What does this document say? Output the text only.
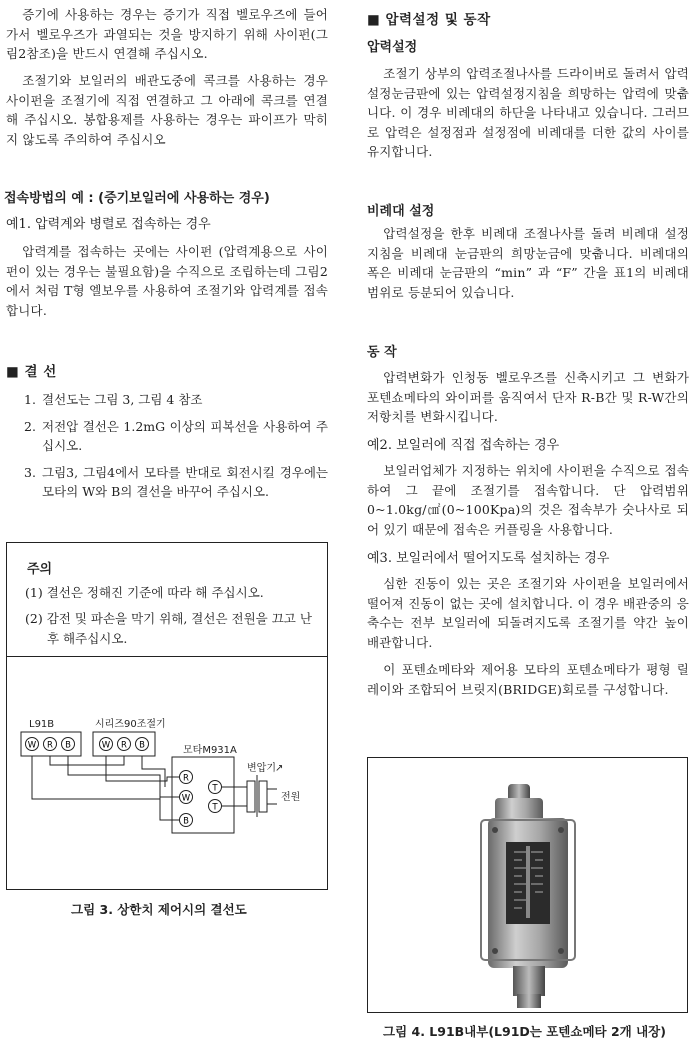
증기에 사용하는 경우는 증기가 직접 벨로우즈에 들어가서 벨로우즈가 과열되는 것을 방지하기 위해 사이펀(그림2참조)을 반드시 연결해 주십시오.

조절기와 보일러의 배관도중에 콕크를 사용하는 경우 사이펀을 조절기에 직접 연결하고 그 아래에 콕크를 연결해 주십시오. 봉합용제를 사용하는 경우는 파이프가 막히지 않도록 주의하여 주십시오

접속방법의 예 : (증기보일러에 사용하는 경우)
예1. 압력계와 병렬로 접속하는 경우

압력계를 접속하는 곳에는 사이펀 (압력계용으로 사이펀이 있는 경우는 불필요함)을 수직으로 조립하는데 그림2에서 처럼 T형 엘보우를 사용하여 조절기와 압력계를 접속합니다.

■ 결 선
1. 결선도는 그림 3, 그림 4 참조
2. 저전압 결선은 1.2mG 이상의 피복선을 사용하여 주십시오.
3. 그림3, 그림4에서 모타를 반대로 회전시킬 경우에는 모타의 W와 B의 결선을 바꾸어 주십시오.
주의
(1) 결선은 정해진 기준에 따라 해 주십시오.
(2) 감전 및 파손을 막기 위해, 결선은 전원을 끄고 난후 해주십시오.
L91B
W R B
시리즈90조절기
W R B	모타M931A
R
W
B
T
T
변압기 ↗
전원
그림 3. 상한치 제어시의 결선도
■ 압력설정 및 동작
압력설정

조절기 상부의 압력조절나사를 드라이버로 돌려서 압력설정눈금판에 있는 압력설정지침을 희망하는 압력에 맞춥니다. 이 경우 비례대의 하단을 나타내고 있습니다. 그러므로 압력은 설정점과 설정점에 비례대를 더한 값의 사이를 유지합니다.

비례대 설정

압력설정을 한후 비례대 조절나사를 돌려 비례대 설정지침을 비례대 눈금판의 희망눈금에 맞춥니다. 비례대의 폭은 비례대 눈금판의 “min” 과 “F” 간을 표1의 비례대 범위로 등분되어 있습니다.

동 작

압력변화가 인청동 벨로우즈를 신축시키고 그 변화가 포텐쇼메타의 와이퍼를 움직여서 단자 R-B간 및 R-W간의 저항치를 변화시킵니다.

예2. 보일러에 직접 접속하는 경우

보일러업체가 지정하는 위치에 사이펀을 수직으로 접속하여 그 끝에 조절기를 접속합니다. 단 압력범위 0~1.0kg/㎠(0~100Kpa)의 것은 접속부가 숫나사로 되어 있기 때문에 접속은 커플링을 사용합니다.

예3. 보일러에서 떨어지도록 설치하는 경우

심한 진동이 있는 곳은 조절기와 사이펀을 보일러에서 떨어져 진동이 없는 곳에 설치합니다. 이 경우 배관중의 응축수는 전부 보일러에 되돌려지도록 조절기를 약간 높이 배관합니다.

이 포텐쇼메타와 제어용 모타의 포텐쇼메타가 평형 릴레이와 조합되어 브릿지(BRIDGE)회로를 구성합니다.

그림 4. L91B내부(L91D는 포텐쇼메타 2개 내장)
